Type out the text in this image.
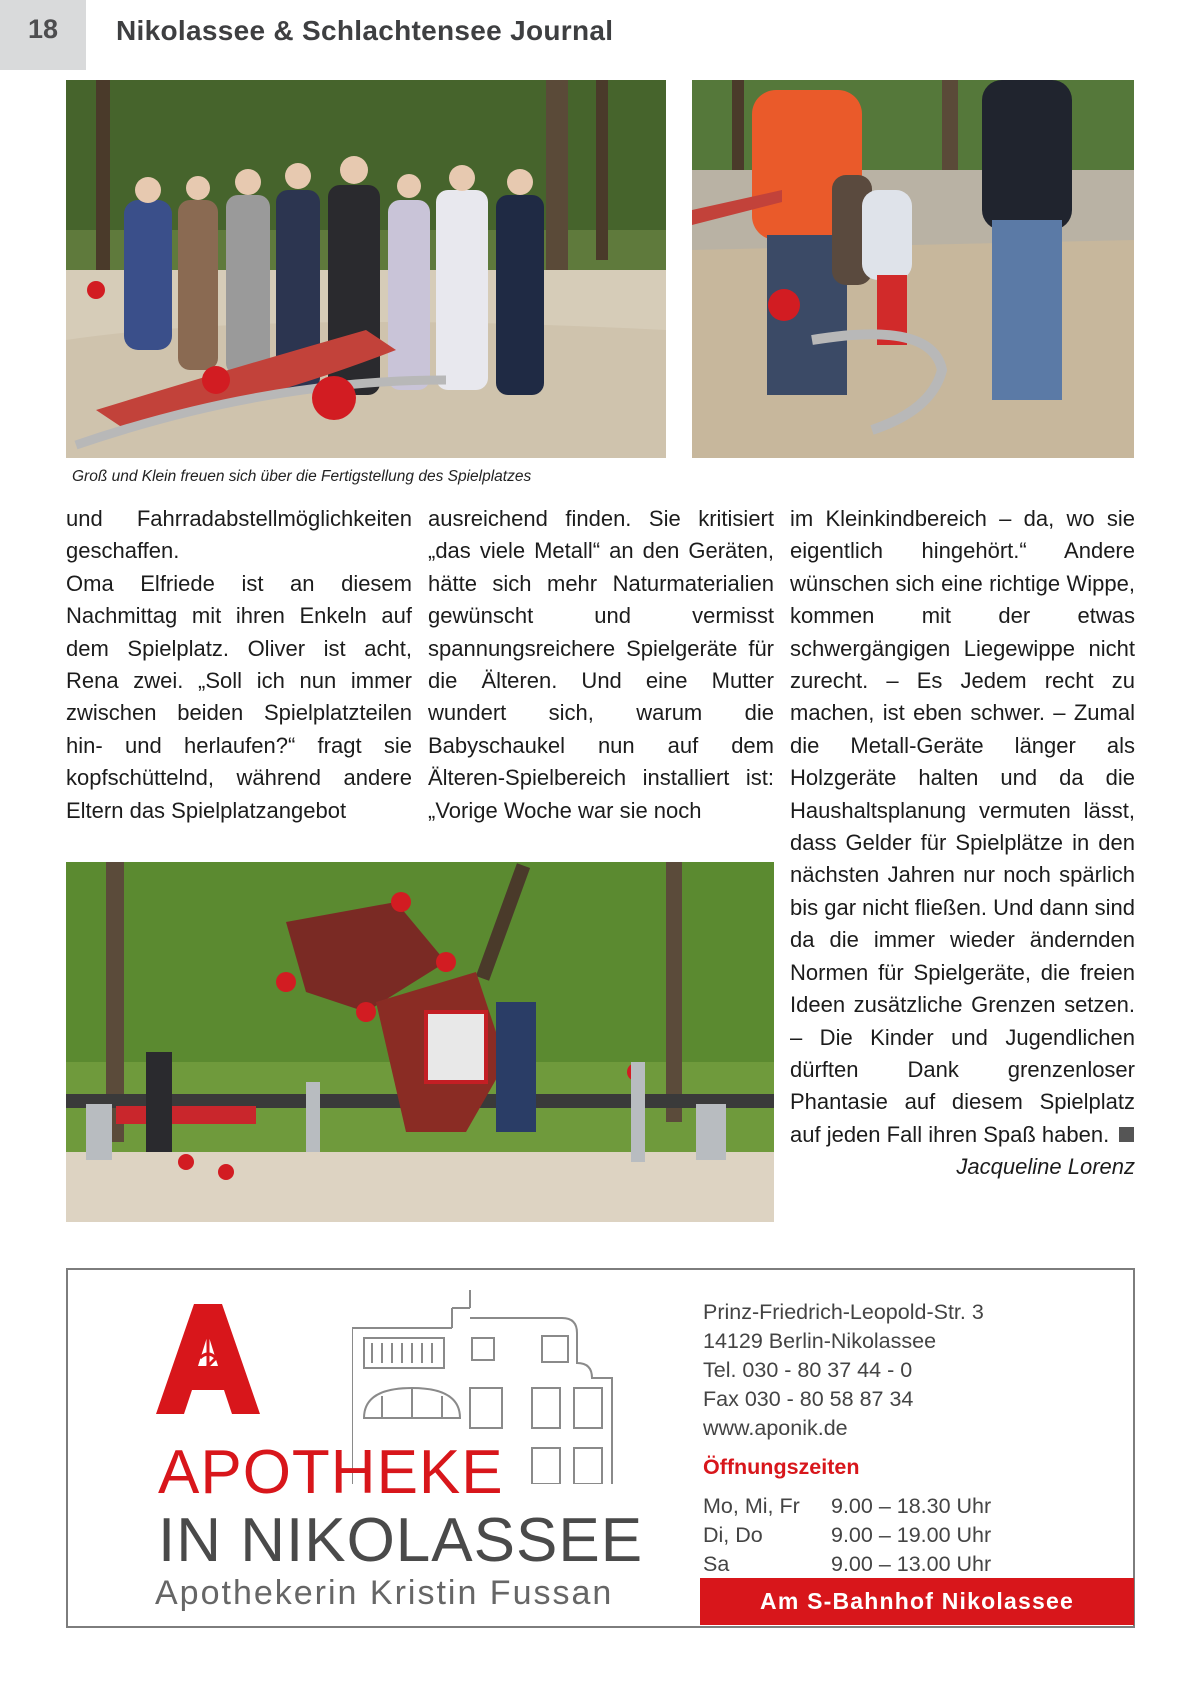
18	Nikolassee & Schlachtensee Journal
Groß und Klein freuen sich über die Fertigstellung des Spielplatzes

und Fahrradabstellmöglichkeiten geschaffen.

Oma Elfriede ist an diesem Nachmittag mit ihren Enkeln auf dem Spielplatz. Oliver ist acht, Rena zwei. „Soll ich nun immer zwischen beiden Spielplatzteilen hin- und herlaufen?“ fragt sie kopfschüttelnd, während andere Eltern das Spielplatzangebot

ausreichend finden. Sie kritisiert „das viele Metall“ an den Geräten, hätte sich mehr Naturmaterialien gewünscht und vermisst spannungsreichere Spielgeräte für die Älteren. Und eine Mutter wundert sich, warum die Babyschaukel nun auf dem Älteren-Spielbereich installiert ist: „Vorige Woche war sie noch

im Kleinkindbereich – da, wo sie eigentlich hingehört.“ Andere wünschen sich eine richtige Wippe, kommen mit der etwas schwergängigen Liegewippe nicht zurecht. – Es Jedem recht zu machen, ist eben schwer. – Zumal die Metall-Geräte länger als Holzgeräte halten und da die Haushaltsplanung vermuten lässt, dass Gelder für Spielplätze in den nächsten Jahren nur noch spärlich bis gar nicht fließen. Und dann sind da die immer wieder ändernden Normen für Spielgeräte, die freien Ideen zusätzliche Grenzen setzen. – Die Kinder und Jugendlichen dürften Dank grenzenloser Phantasie auf diesem Spielplatz auf jeden Fall ihren Spaß haben.

Jacqueline Lorenz
APOTHEKE
IN NIKOLASSEE
Apothekerin Kristin Fussan
Prinz-Friedrich-Leopold-Str. 3
14129 Berlin-Nikolassee
Tel. 030 - 80 37 44 - 0
Fax 030 - 80 58 87 34
www.aponik.de
Öffnungszeiten
Mo, Mi, Fr 9.00 – 18.30 Uhr
Di, Do	9.00 – 19.00 Uhr
Sa	9.00 – 13.00 Uhr
Am S-Bahnhof Nikolassee
